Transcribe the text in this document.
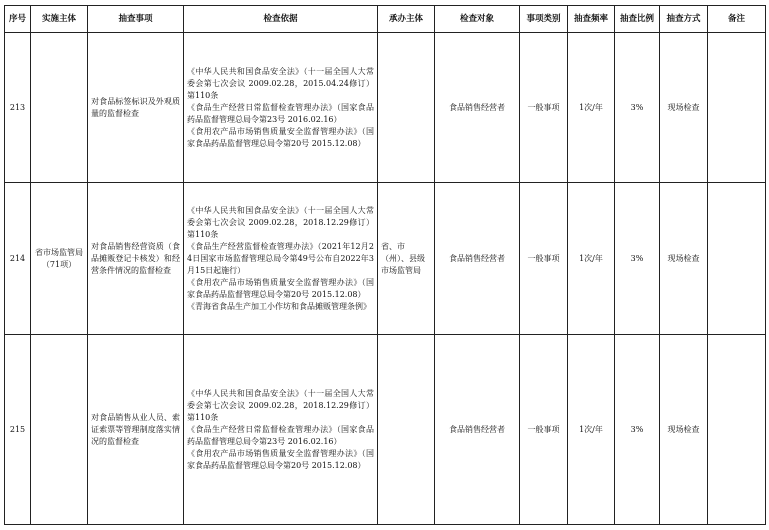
序号	实施主体	抽查事项	检查依据	承办主体	检查对象	事项类别	抽查频率	抽查比例	抽查方式	备注
213		对食品标签标识及外观质量的监督检查	《中华人民共和国食品安全法》（十一届全国人大常委会第七次会议 2009.02.28，2015.04.24修订）第110条

《食品生产经营日常监督检查管理办法》（国家食品药品监督管理总局令第23号 2016.02.16）

《食用农产品市场销售质量安全监督管理办法》（国家食品药品监督管理总局令第20号 2015.12.08）		食品销售经营者	一般事项	1次/年	3%	现场检查	
214	省市场监管局（71项）	对食品销售经营资质（食品摊贩登记卡核发）和经营条件情况的监督检查	《中华人民共和国食品安全法》（十一届全国人大常委会第七次会议 2009.02.28，2018.12.29修订）第110条

《食品生产经营监督检查管理办法》（2021年12月24日国家市场监督管理总局令第49号公布自2022年3月15日起施行）

《食用农产品市场销售质量安全监督管理办法》（国家食品药品监督管理总局令第20号 2015.12.08）

《青海省食品生产加工小作坊和食品摊贩管理条例》	省、市（州）、县级市场监管局	食品销售经营者	一般事项	1次/年	3%	现场检查	
215		对食品销售从业人员、索证索票等管理制度落实情况的监督检查	《中华人民共和国食品安全法》（十一届全国人大常委会第七次会议 2009.02.28，2018.12.29修订）第110条

《食品生产经营日常监督检查管理办法》（国家食品药品监督管理总局令第23号 2016.02.16）

《食用农产品市场销售质量安全监督管理办法》（国家食品药品监督管理总局令第20号 2015.12.08）		食品销售经营者	一般事项	1次/年	3%	现场检查	
